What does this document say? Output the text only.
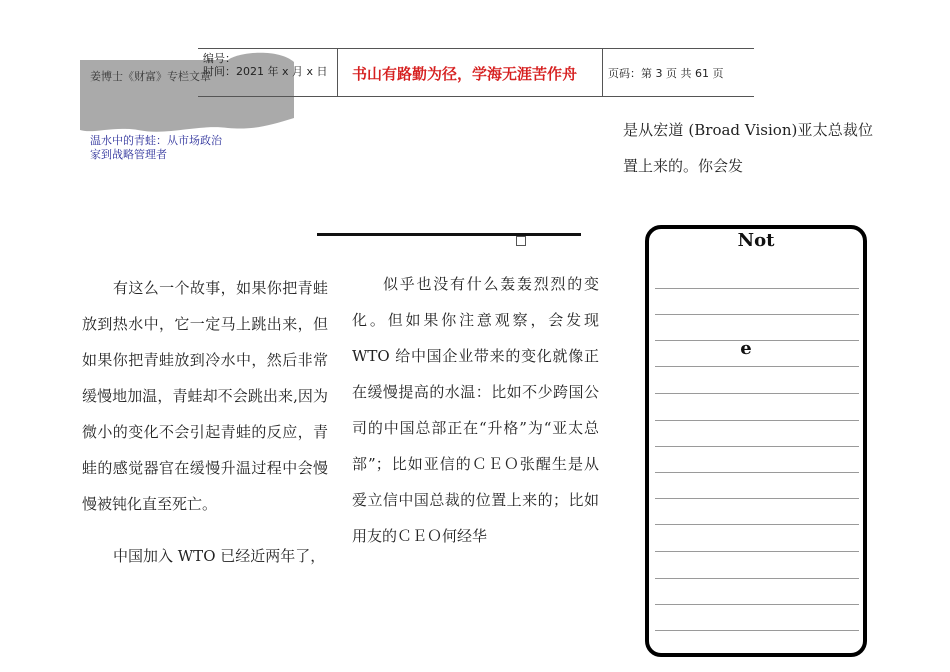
姜博士《财富》专栏文章
编号：
时间：2021 年 x 月 x 日 书山有路勤为径，学海无涯苦作舟	页码：第 3 页 共 61 页
温水中的青蛙：从市场政治家到战略管理者

有这么一个故事，如果你把青蛙放到热水中，它一定马上跳出来，但如果你把青蛙放到冷水中，然后非常缓慢地加温，青蛙却不会跳出来,因为微小的变化不会引起青蛙的反应，青蛙的感觉器官在缓慢升温过程中会慢慢被钝化直至死亡。

中国加入 WTO 已经近两年了，

似乎也没有什么轰轰烈烈的变化。但如果你注意观察，会发现 WTO 给中国企业带来的变化就像正在缓慢提高的水温：比如不少跨国公司的中国总部正在“升格”为“亚太总部”；比如亚信的ＣＥＯ张醒生是从爱立信中国总裁的位置上来的；比如用友的ＣＥＯ何经华

是从宏道 (Broad Vision)亚太总裁位置上来的。你会发

Not
e
